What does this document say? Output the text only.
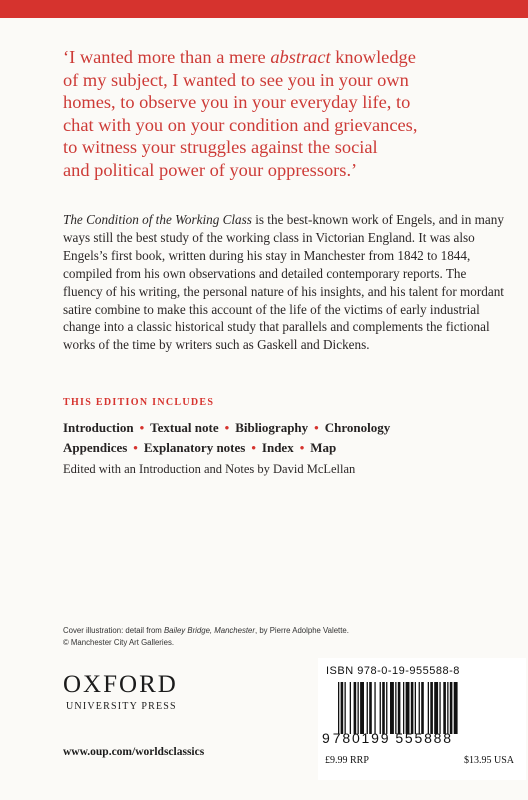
‘I wanted more than a mere abstract knowledge

of my subject, I wanted to see you in your own

homes, to observe you in your everyday life, to

chat with you on your condition and grievances,

to witness your struggles against the social

and political power of your oppressors.’

The Condition of the Working Class is the best-known work of Engels, and in many ways still the best study of the working class in Victorian England. It was also Engels’s first book, written during his stay in Manchester from 1842 to 1844, compiled from his own observations and detailed contemporary reports. The fluency of his writing, the personal nature of his insights, and his talent for mordant satire combine to make this account of the life of the victims of early industrial change into a classic historical study that parallels and complements the fictional works of the time by writers such as Gaskell and Dickens.

THIS EDITION INCLUDES
Introduction • Textual note • Bibliography • Chronology
Appendices • Explanatory notes • Index • Map
Edited with an Introduction and Notes by David McLellan

Cover illustration: detail from Bailey Bridge, Manchester, by Pierre Adolphe Valette.

© Manchester City Art Galleries.

OXFORD
UNIVERSITY PRESS
www.oup.com/worldsclassics
ISBN 978-0-19-955588-8
9 780199 555888
£9.99 RRP	$13.95 USA
